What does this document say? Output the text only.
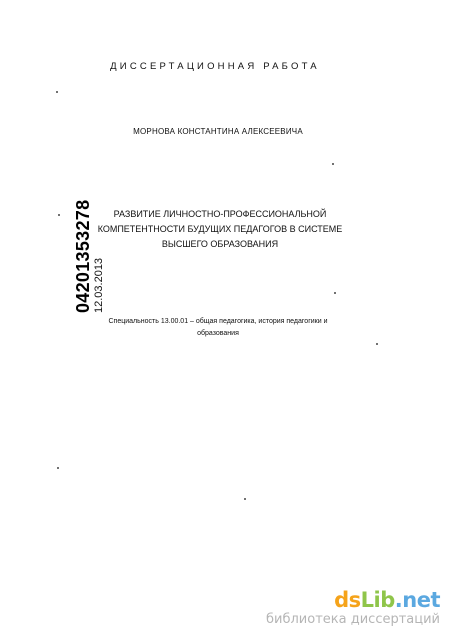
ДИССЕРТАЦИОННАЯ РАБОТА
МОРНОВА КОНСТАНТИНА АЛЕКСЕЕВИЧА
РАЗВИТИЕ ЛИЧНОСТНО-ПРОФЕССИОНАЛЬНОЙ
КОМПЕТЕНТНОСТИ БУДУЩИХ ПЕДАГОГОВ В СИСТЕМЕ
ВЫСШЕГО ОБРАЗОВАНИЯ
Специальность 13.00.01 – общая педагогика, история педагогики и
образования
04201353278 12.03.2013
dsLib.net
библиотека диссертаций
